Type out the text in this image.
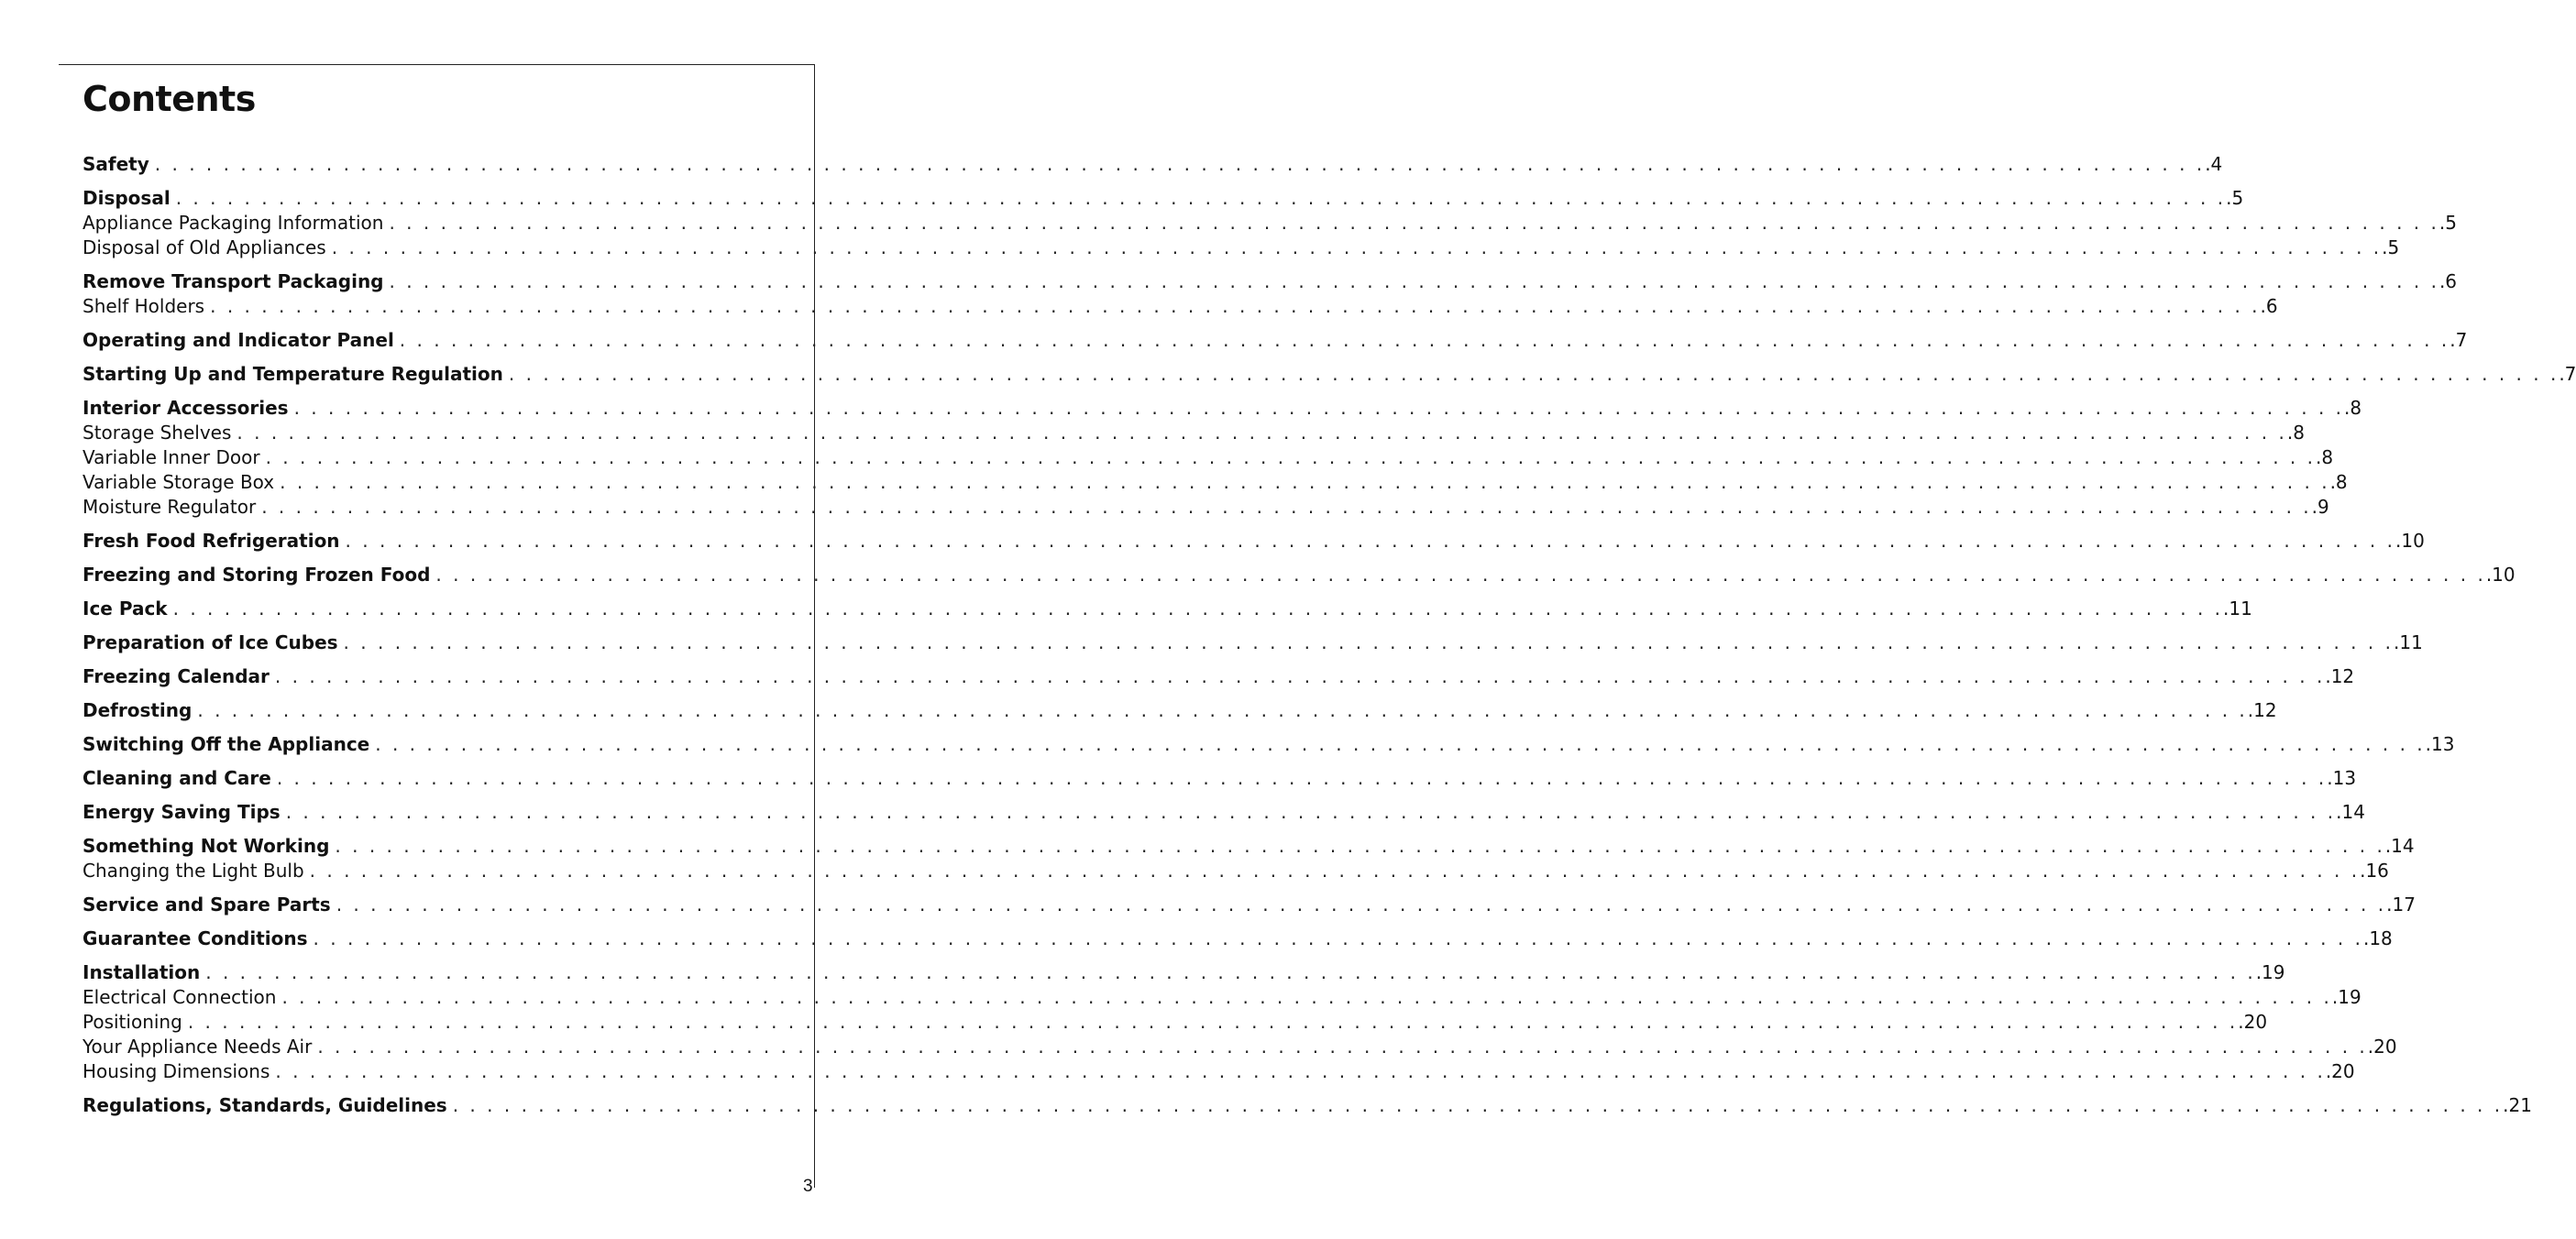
Contents
Safety . . . . . . . . . . . . . . . . . . . . . . . . . . . . . . . . . . . . . . . . . . . . . . . . . . . . . . . . . . . . . . . . . . . . . . . . . . . . . . . . . . . . . . . . . . . . . . . . . . . . . . . . . . . . . . . . . . . . . . . . .4
Disposal . . . . . . . . . . . . . . . . . . . . . . . . . . . . . . . . . . . . . . . . . . . . . . . . . . . . . . . . . . . . . . . . . . . . . . . . . . . . . . . . . . . . . . . . . . . . . . . . . . . . . . . . . . . . . . . . . . . . . . . . .5
Appliance Packaging Information . . . . . . . . . . . . . . . . . . . . . . . . . . . . . . . . . . . . . . . . . . . . . . . . . . . . . . . . . . . . . . . . . . . . . . . . . . . . . . . . . . . . . . . . . . . . . . . . . . . . . . . . . . . . . . . . . . . . . . . . .5
Disposal of Old Appliances . . . . . . . . . . . . . . . . . . . . . . . . . . . . . . . . . . . . . . . . . . . . . . . . . . . . . . . . . . . . . . . . . . . . . . . . . . . . . . . . . . . . . . . . . . . . . . . . . . . . . . . . . . . . . . . . . . . . . . . . .5
Remove Transport Packaging . . . . . . . . . . . . . . . . . . . . . . . . . . . . . . . . . . . . . . . . . . . . . . . . . . . . . . . . . . . . . . . . . . . . . . . . . . . . . . . . . . . . . . . . . . . . . . . . . . . . . . . . . . . . . . . . . . . . . . . . .6
Shelf Holders . . . . . . . . . . . . . . . . . . . . . . . . . . . . . . . . . . . . . . . . . . . . . . . . . . . . . . . . . . . . . . . . . . . . . . . . . . . . . . . . . . . . . . . . . . . . . . . . . . . . . . . . . . . . . . . . . . . . . . . . .6
Operating and Indicator Panel . . . . . . . . . . . . . . . . . . . . . . . . . . . . . . . . . . . . . . . . . . . . . . . . . . . . . . . . . . . . . . . . . . . . . . . . . . . . . . . . . . . . . . . . . . . . . . . . . . . . . . . . . . . . . . . . . . . . . . . . .7
Starting Up and Temperature Regulation . . . . . . . . . . . . . . . . . . . . . . . . . . . . . . . . . . . . . . . . . . . . . . . . . . . . . . . . . . . . . . . . . . . . . . . . . . . . . . . . . . . . . . . . . . . . . . . . . . . . . . . . . . . . . . . . . . . . . . . . .7
Interior Accessories . . . . . . . . . . . . . . . . . . . . . . . . . . . . . . . . . . . . . . . . . . . . . . . . . . . . . . . . . . . . . . . . . . . . . . . . . . . . . . . . . . . . . . . . . . . . . . . . . . . . . . . . . . . . . . . . . . . . . . . . .8
Storage Shelves . . . . . . . . . . . . . . . . . . . . . . . . . . . . . . . . . . . . . . . . . . . . . . . . . . . . . . . . . . . . . . . . . . . . . . . . . . . . . . . . . . . . . . . . . . . . . . . . . . . . . . . . . . . . . . . . . . . . . . . . .8
Variable Inner Door . . . . . . . . . . . . . . . . . . . . . . . . . . . . . . . . . . . . . . . . . . . . . . . . . . . . . . . . . . . . . . . . . . . . . . . . . . . . . . . . . . . . . . . . . . . . . . . . . . . . . . . . . . . . . . . . . . . . . . . . .8
Variable Storage Box . . . . . . . . . . . . . . . . . . . . . . . . . . . . . . . . . . . . . . . . . . . . . . . . . . . . . . . . . . . . . . . . . . . . . . . . . . . . . . . . . . . . . . . . . . . . . . . . . . . . . . . . . . . . . . . . . . . . . . . . .8
Moisture Regulator . . . . . . . . . . . . . . . . . . . . . . . . . . . . . . . . . . . . . . . . . . . . . . . . . . . . . . . . . . . . . . . . . . . . . . . . . . . . . . . . . . . . . . . . . . . . . . . . . . . . . . . . . . . . . . . . . . . . . . . . .9
Fresh Food Refrigeration . . . . . . . . . . . . . . . . . . . . . . . . . . . . . . . . . . . . . . . . . . . . . . . . . . . . . . . . . . . . . . . . . . . . . . . . . . . . . . . . . . . . . . . . . . . . . . . . . . . . . . . . . . . . . . . . . . . . . . . . .10
Freezing and Storing Frozen Food . . . . . . . . . . . . . . . . . . . . . . . . . . . . . . . . . . . . . . . . . . . . . . . . . . . . . . . . . . . . . . . . . . . . . . . . . . . . . . . . . . . . . . . . . . . . . . . . . . . . . . . . . . . . . . . . . . . . . . . . .10
Ice Pack . . . . . . . . . . . . . . . . . . . . . . . . . . . . . . . . . . . . . . . . . . . . . . . . . . . . . . . . . . . . . . . . . . . . . . . . . . . . . . . . . . . . . . . . . . . . . . . . . . . . . . . . . . . . . . . . . . . . . . . . .11
Preparation of Ice Cubes . . . . . . . . . . . . . . . . . . . . . . . . . . . . . . . . . . . . . . . . . . . . . . . . . . . . . . . . . . . . . . . . . . . . . . . . . . . . . . . . . . . . . . . . . . . . . . . . . . . . . . . . . . . . . . . . . . . . . . . . .11
Freezing Calendar . . . . . . . . . . . . . . . . . . . . . . . . . . . . . . . . . . . . . . . . . . . . . . . . . . . . . . . . . . . . . . . . . . . . . . . . . . . . . . . . . . . . . . . . . . . . . . . . . . . . . . . . . . . . . . . . . . . . . . . . .12
Defrosting . . . . . . . . . . . . . . . . . . . . . . . . . . . . . . . . . . . . . . . . . . . . . . . . . . . . . . . . . . . . . . . . . . . . . . . . . . . . . . . . . . . . . . . . . . . . . . . . . . . . . . . . . . . . . . . . . . . . . . . . .12
Switching Off the Appliance . . . . . . . . . . . . . . . . . . . . . . . . . . . . . . . . . . . . . . . . . . . . . . . . . . . . . . . . . . . . . . . . . . . . . . . . . . . . . . . . . . . . . . . . . . . . . . . . . . . . . . . . . . . . . . . . . . . . . . . . .13
Cleaning and Care . . . . . . . . . . . . . . . . . . . . . . . . . . . . . . . . . . . . . . . . . . . . . . . . . . . . . . . . . . . . . . . . . . . . . . . . . . . . . . . . . . . . . . . . . . . . . . . . . . . . . . . . . . . . . . . . . . . . . . . . .13
Energy Saving Tips . . . . . . . . . . . . . . . . . . . . . . . . . . . . . . . . . . . . . . . . . . . . . . . . . . . . . . . . . . . . . . . . . . . . . . . . . . . . . . . . . . . . . . . . . . . . . . . . . . . . . . . . . . . . . . . . . . . . . . . . .14
Something Not Working . . . . . . . . . . . . . . . . . . . . . . . . . . . . . . . . . . . . . . . . . . . . . . . . . . . . . . . . . . . . . . . . . . . . . . . . . . . . . . . . . . . . . . . . . . . . . . . . . . . . . . . . . . . . . . . . . . . . . . . . .14
Changing the Light Bulb . . . . . . . . . . . . . . . . . . . . . . . . . . . . . . . . . . . . . . . . . . . . . . . . . . . . . . . . . . . . . . . . . . . . . . . . . . . . . . . . . . . . . . . . . . . . . . . . . . . . . . . . . . . . . . . . . . . . . . . . .16
Service and Spare Parts . . . . . . . . . . . . . . . . . . . . . . . . . . . . . . . . . . . . . . . . . . . . . . . . . . . . . . . . . . . . . . . . . . . . . . . . . . . . . . . . . . . . . . . . . . . . . . . . . . . . . . . . . . . . . . . . . . . . . . . . .17
Guarantee Conditions . . . . . . . . . . . . . . . . . . . . . . . . . . . . . . . . . . . . . . . . . . . . . . . . . . . . . . . . . . . . . . . . . . . . . . . . . . . . . . . . . . . . . . . . . . . . . . . . . . . . . . . . . . . . . . . . . . . . . . . . .18
Installation . . . . . . . . . . . . . . . . . . . . . . . . . . . . . . . . . . . . . . . . . . . . . . . . . . . . . . . . . . . . . . . . . . . . . . . . . . . . . . . . . . . . . . . . . . . . . . . . . . . . . . . . . . . . . . . . . . . . . . . . .19
Electrical Connection . . . . . . . . . . . . . . . . . . . . . . . . . . . . . . . . . . . . . . . . . . . . . . . . . . . . . . . . . . . . . . . . . . . . . . . . . . . . . . . . . . . . . . . . . . . . . . . . . . . . . . . . . . . . . . . . . . . . . . . . .19
Positioning . . . . . . . . . . . . . . . . . . . . . . . . . . . . . . . . . . . . . . . . . . . . . . . . . . . . . . . . . . . . . . . . . . . . . . . . . . . . . . . . . . . . . . . . . . . . . . . . . . . . . . . . . . . . . . . . . . . . . . . . .20
Your Appliance Needs Air . . . . . . . . . . . . . . . . . . . . . . . . . . . . . . . . . . . . . . . . . . . . . . . . . . . . . . . . . . . . . . . . . . . . . . . . . . . . . . . . . . . . . . . . . . . . . . . . . . . . . . . . . . . . . . . . . . . . . . . . .20
Housing Dimensions . . . . . . . . . . . . . . . . . . . . . . . . . . . . . . . . . . . . . . . . . . . . . . . . . . . . . . . . . . . . . . . . . . . . . . . . . . . . . . . . . . . . . . . . . . . . . . . . . . . . . . . . . . . . . . . . . . . . . . . . .20
Regulations, Standards, Guidelines . . . . . . . . . . . . . . . . . . . . . . . . . . . . . . . . . . . . . . . . . . . . . . . . . . . . . . . . . . . . . . . . . . . . . . . . . . . . . . . . . . . . . . . . . . . . . . . . . . . . . . . . . . . . . . . . . . . . . . . . .21
3
